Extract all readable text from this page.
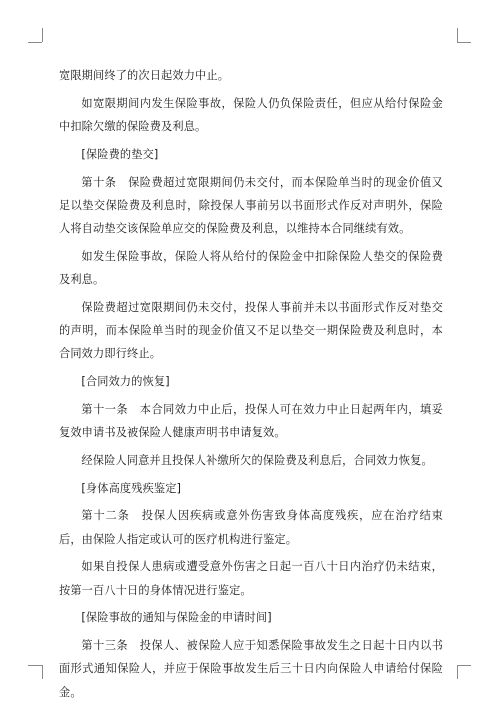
宽限期间终了的次日起效力中止。

如宽限期间内发生保险事故，保险人仍负保险责任，但应从给付保险金中扣除欠缴的保险费及利息。

[保险费的垫交]

第十条　保险费超过宽限期间仍未交付，而本保险单当时的现金价值又足以垫交保险费及利息时，除投保人事前另以书面形式作反对声明外，保险人将自动垫交该保险单应交的保险费及利息，以维持本合同继续有效。

如发生保险事故，保险人将从给付的保险金中扣除保险人垫交的保险费及利息。

保险费超过宽限期间仍未交付，投保人事前并未以书面形式作反对垫交的声明，而本保险单当时的现金价值又不足以垫交一期保险费及利息时，本合同效力即行终止。

[合同效力的恢复]

第十一条　本合同效力中止后，投保人可在效力中止日起两年内，填妥复效申请书及被保险人健康声明书申请复效。

经保险人同意并且投保人补缴所欠的保险费及利息后，合同效力恢复。

[身体高度残疾鉴定]

第十二条　投保人因疾病或意外伤害致身体高度残疾，应在治疗结束后，由保险人指定或认可的医疗机构进行鉴定。

如果自投保人患病或遭受意外伤害之日起一百八十日内治疗仍未结束，按第一百八十日的身体情况进行鉴定。

[保险事故的通知与保险金的申请时间]

第十三条　投保人、被保险人应于知悉保险事故发生之日起十日内以书面形式通知保险人，并应于保险事故发生后三十日内向保险人申请给付保险金。
